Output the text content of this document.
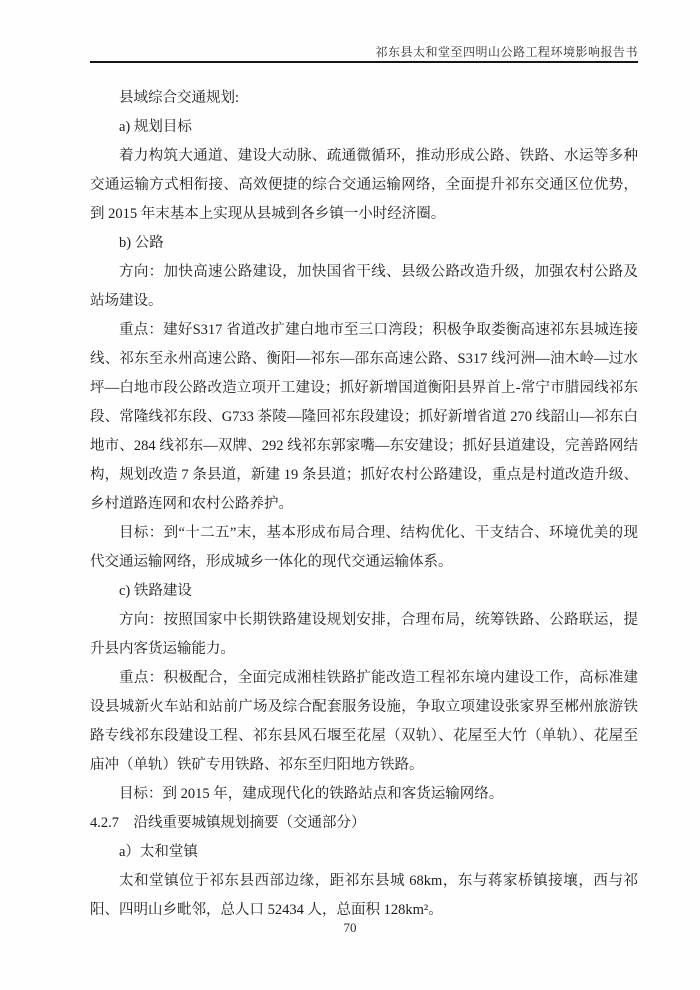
祁东县太和堂至四明山公路工程环境影响报告书

县域综合交通规划:

a) 规划目标

着力构筑大通道、建设大动脉、疏通微循环，推动形成公路、铁路、水运等多种交通运输方式相衔接、高效便捷的综合交通运输网络，全面提升祁东交通区位优势，到 2015 年末基本上实现从县城到各乡镇一小时经济圈。

b) 公路

方向：加快高速公路建设，加快国省干线、县级公路改造升级，加强农村公路及站场建设。

重点：建好S317 省道改扩建白地市至三口湾段；积极争取娄衡高速祁东县城连接线、祁东至永州高速公路、衡阳—祁东—邵东高速公路、S317 线河洲—油木岭—过水坪—白地市段公路改造立项开工建设；抓好新增国道衡阳县界首上-常宁市腊园线祁东段、常隆线祁东段、G733 茶陵—隆回祁东段建设；抓好新增省道 270 线韶山—祁东白地市、284 线祁东—双牌、292 线祁东郭家嘴—东安建设；抓好县道建设，完善路网结构，规划改造 7 条县道，新建 19 条县道；抓好农村公路建设，重点是村道改造升级、乡村道路连网和农村公路养护。

目标：到“十二五”末，基本形成布局合理、结构优化、干支结合、环境优美的现代交通运输网络，形成城乡一体化的现代交通运输体系。

c) 铁路建设

方向：按照国家中长期铁路建设规划安排，合理布局，统筹铁路、公路联运，提升县内客货运输能力。

重点：积极配合，全面完成湘桂铁路扩能改造工程祁东境内建设工作，高标准建设县城新火车站和站前广场及综合配套服务设施，争取立项建设张家界至郴州旅游铁路专线祁东段建设工程、祁东县风石堰至花屋（双轨）、花屋至大竹（单轨）、花屋至庙冲（单轨）铁矿专用铁路、祁东至归阳地方铁路。

目标：到 2015 年，建成现代化的铁路站点和客货运输网络。

4.2.7　沿线重要城镇规划摘要（交通部分）

a）太和堂镇

太和堂镇位于祁东县西部边缘，距祁东县城 68km，东与蒋家桥镇接壤，西与祁阳、四明山乡毗邻，总人口 52434 人，总面积 128km²。

70
